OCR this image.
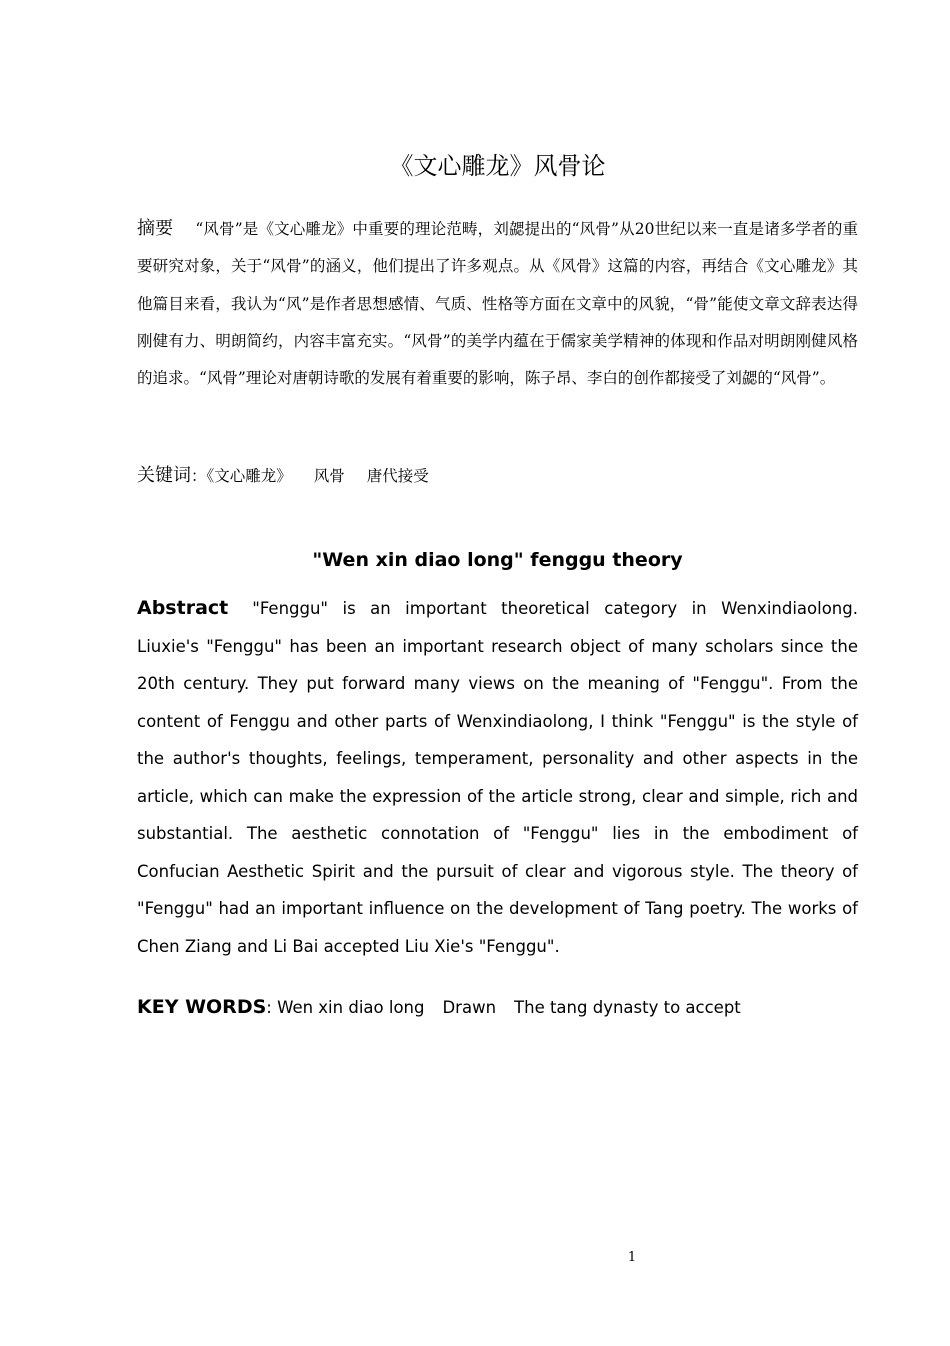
《文心雕龙》风骨论
摘要 “风骨”是《文心雕龙》中重要的理论范畴，刘勰提出的“风骨”从20世纪以来一直是诸多学者的重要研究对象，关于“风骨”的涵义，他们提出了许多观点。从《风骨》这篇的内容，再结合《文心雕龙》其他篇目来看，我认为“风”是作者思想感情、气质、性格等方面在文章中的风貌，“骨”能使文章文辞表达得刚健有力、明朗简约，内容丰富充实。“风骨”的美学内蕴在于儒家美学精神的体现和作品对明朗刚健风格的追求。“风骨”理论对唐朝诗歌的发展有着重要的影响，陈子昂、李白的创作都接受了刘勰的“风骨”。
关键词：《文心雕龙》 风骨 唐代接受
"Wen xin diao long" fenggu theory
Abstract "Fenggu" is an important theoretical category in Wenxindiaolong. Liuxie's "Fenggu" has been an important research object of many scholars since the 20th century. They put forward many views on the meaning of "Fenggu". From the content of Fenggu and other parts of Wenxindiaolong, I think "Fenggu" is the style of the author's thoughts, feelings, temperament, personality and other aspects in the article, which can make the expression of the article strong, clear and simple, rich and substantial. The aesthetic connotation of "Fenggu" lies in the embodiment of Confucian Aesthetic Spirit and the pursuit of clear and vigorous style. The theory of "Fenggu" had an important influence on the development of Tang poetry. The works of Chen Ziang and Li Bai accepted Liu Xie's "Fenggu".
KEY WORDS: Wen xin diao long Drawn The tang dynasty to accept
1
